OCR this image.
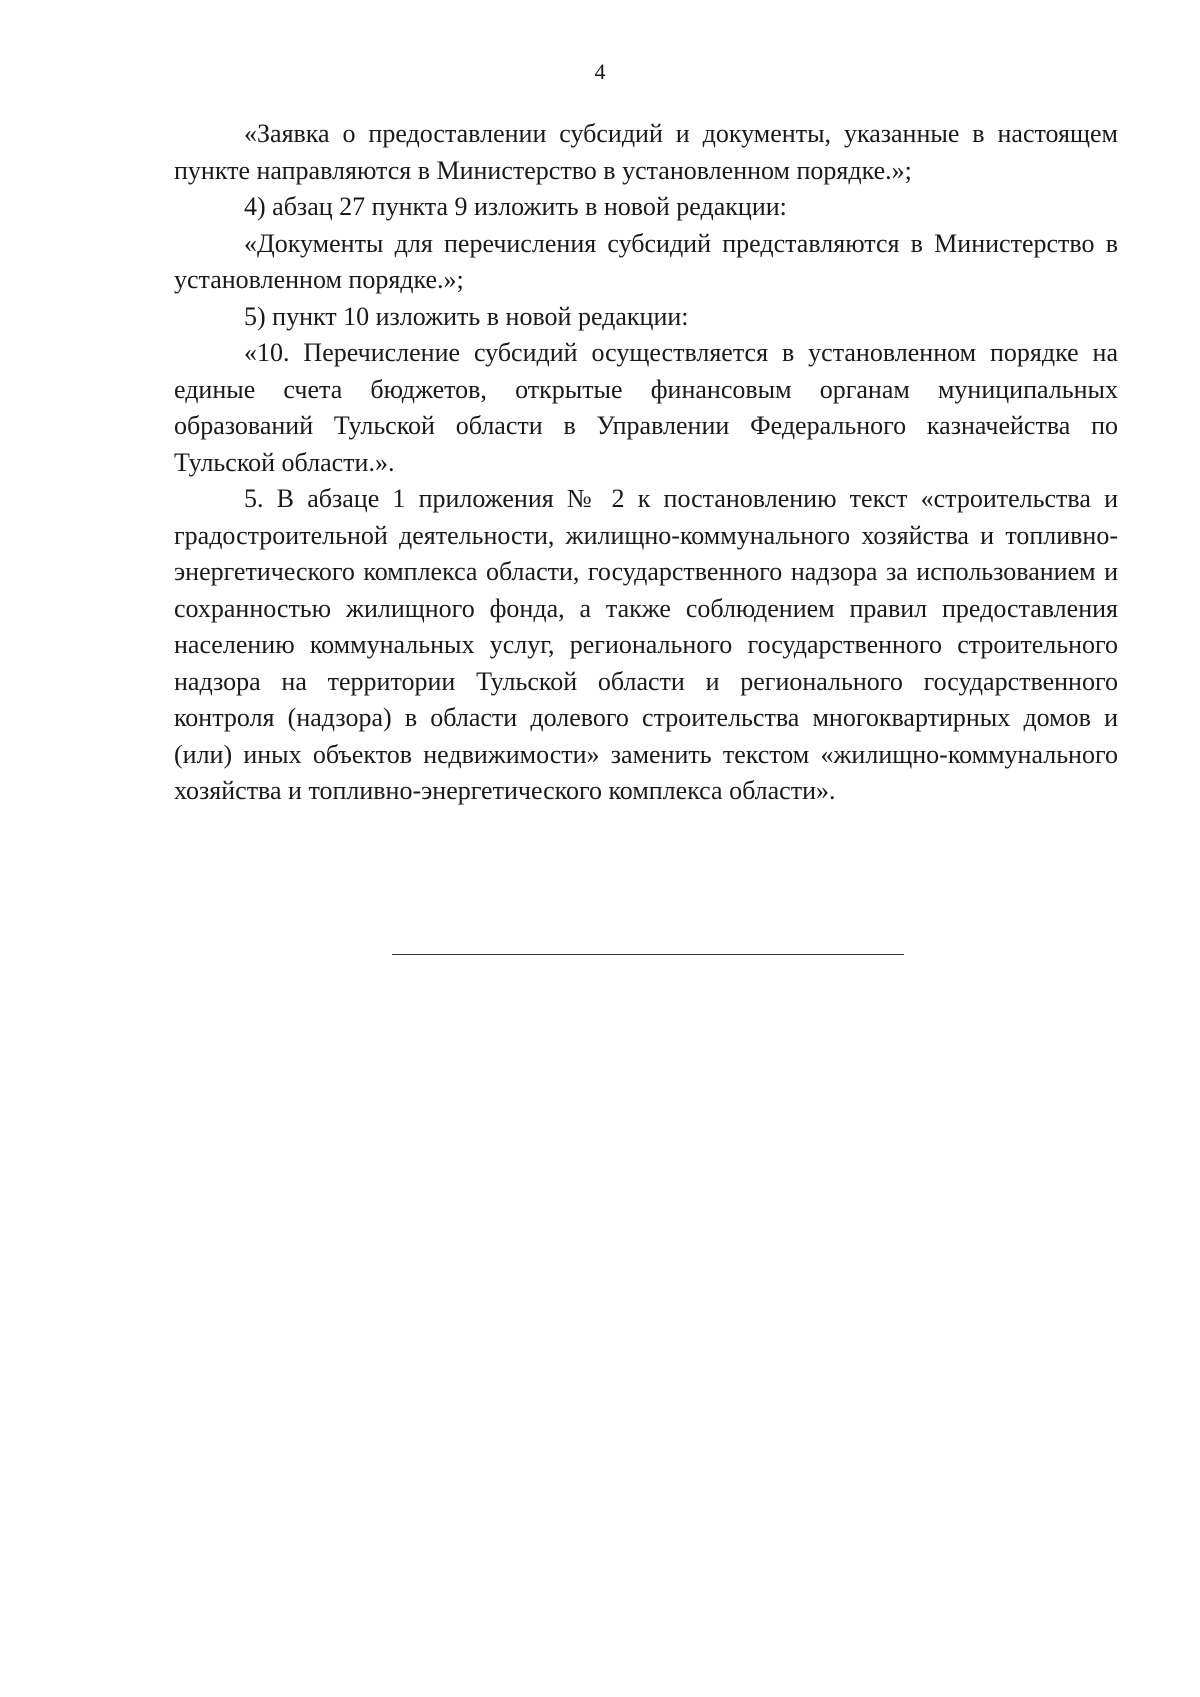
4

«Заявка о предоставлении субсидий и документы, указанные в настоящем пункте направляются в Министерство в установленном порядке.»;

4) абзац 27 пункта 9 изложить в новой редакции:

«Документы для перечисления субсидий представляются в Министерство в установленном порядке.»;

5) пункт 10 изложить в новой редакции:

«10. Перечисление субсидий осуществляется в установленном порядке на единые счета бюджетов, открытые финансовым органам муниципальных образований Тульской области в Управлении Федерального казначейства по Тульской области.».

5. В абзаце 1 приложения № 2 к постановлению текст «строительства и градостроительной деятельности, жилищно-коммунального хозяйства и топливно-энергетического комплекса области, государственного надзора за использованием и сохранностью жилищного фонда, а также соблюдением правил предоставления населению коммунальных услуг, регионального государственного строительного надзора на территории Тульской области и регионального государственного контроля (надзора) в области долевого строительства многоквартирных домов и (или) иных объектов недвижимости» заменить текстом «жилищно-коммунального хозяйства и топливно-энергетического комплекса области».
